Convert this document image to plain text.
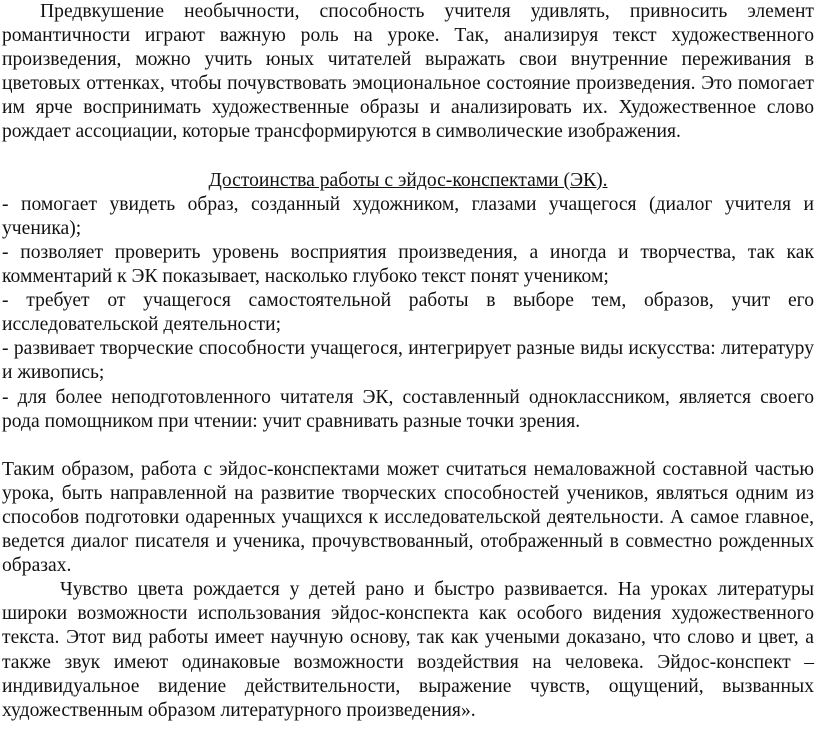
Предвкушение необычности, способность учителя удивлять, привносить элемент романтичности играют важную роль на уроке. Так, анализируя текст художественного произведения, можно учить юных читателей выражать свои внутренние переживания в цветовых оттенках, чтобы почувствовать эмоциональное состояние произведения. Это помогает им ярче воспринимать художественные образы и анализировать их. Художественное слово рождает ассоциации, которые трансформируются в символические изображения.

Достоинства работы с эйдос-конспектами (ЭК).

- помогает увидеть образ, созданный художником, глазами учащегося (диалог учителя и ученика);
- позволяет проверить уровень восприятия произведения, а иногда и творчества, так как комментарий к ЭК показывает, насколько глубоко текст понят учеником;
- требует от учащегося самостоятельной работы в выборе тем, образов, учит его исследовательской деятельности;
- развивает творческие способности учащегося, интегрирует разные виды искусства: литературу и живопись;
- для более неподготовленного читателя ЭК, составленный одноклассником, является своего рода помощником при чтении: учит сравнивать разные точки зрения.

Таким образом, работа с эйдос-конспектами может считаться немаловажной составной частью урока, быть направленной на развитие творческих способностей учеников, являться одним из способов подготовки одаренных учащихся к исследовательской деятельности. А самое главное, ведется диалог писателя и ученика, прочувствованный, отображенный в совместно рожденных образах.

Чувство цвета рождается у детей рано и быстро развивается. На уроках литературы широки возможности использования эйдос-конспекта как особого видения художественного текста. Этот вид работы имеет научную основу, так как учеными доказано, что слово и цвет, а также звук имеют одинаковые возможности воздействия на человека. Эйдос-конспект – индивидуальное видение действительности, выражение чувств, ощущений, вызванных художественным образом литературного произведения».
